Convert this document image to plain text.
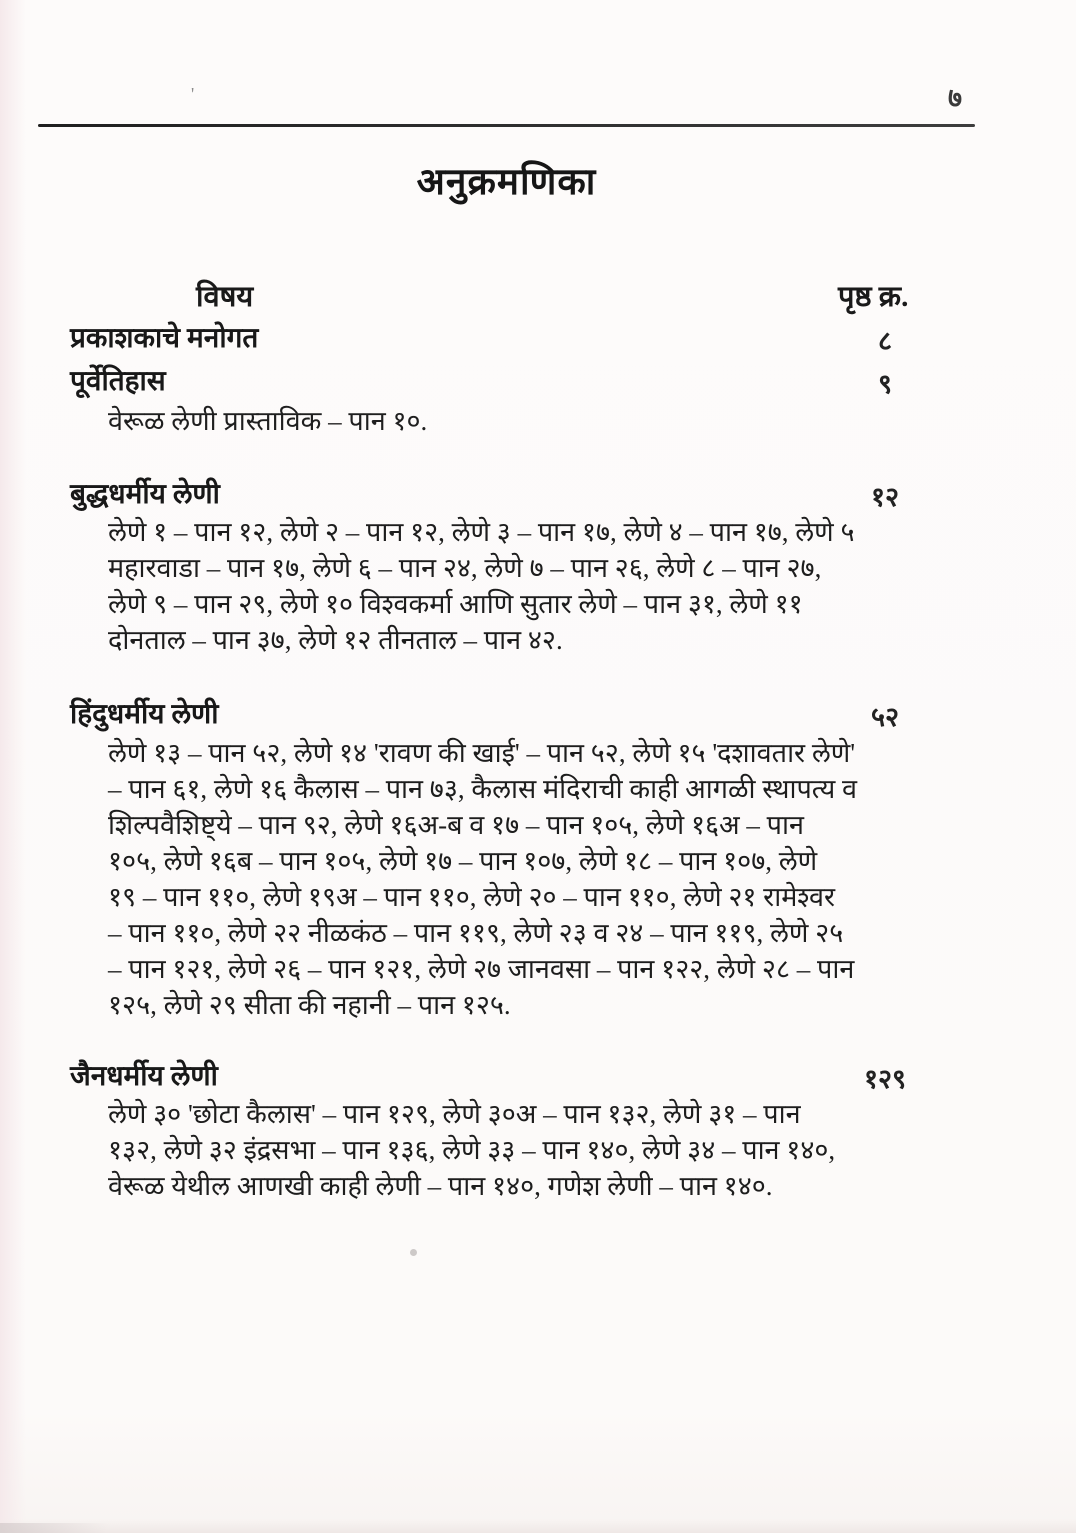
७
'
अनुक्रमणिका
विषय	पृष्ठ क्र.
प्रकाशकाचे मनोगत	८
पूर्वेतिहास	९
वेरूळ लेणी प्रास्ताविक – पान १०.
बुद्धधर्मीय लेणी	१२
लेणे १ – पान १२, लेणे २ – पान १२, लेणे ३ – पान १७, लेणे ४ – पान १७, लेणे ५
महारवाडा – पान १७, लेणे ६ – पान २४, लेणे ७ – पान २६, लेणे ८ – पान २७,
लेणे ९ – पान २९, लेणे १० विश्वकर्मा आणि सुतार लेणे – पान ३१, लेणे ११
दोनताल – पान ३७, लेणे १२ तीनताल – पान ४२.
हिंदुधर्मीय लेणी	५२
लेणे १३ – पान ५२, लेणे १४ 'रावण की खाई' – पान ५२, लेणे १५ 'दशावतार लेणे'
– पान ६१, लेणे १६ कैलास – पान ७३, कैलास मंदिराची काही आगळी स्थापत्य व
शिल्पवैशिष्ट्ये – पान ९२, लेणे १६अ-ब व १७ – पान १०५, लेणे १६अ – पान
१०५, लेणे १६ब – पान १०५, लेणे १७ – पान १०७, लेणे १८ – पान १०७, लेणे
१९ – पान ११०, लेणे १९अ – पान ११०, लेणे २० – पान ११०, लेणे २१ रामेश्वर
– पान ११०, लेणे २२ नीळकंठ – पान ११९, लेणे २३ व २४ – पान ११९, लेणे २५
– पान १२१, लेणे २६ – पान १२१, लेणे २७ जानवसा – पान १२२, लेणे २८ – पान
१२५, लेणे २९ सीता की नहानी – पान १२५.
जैनधर्मीय लेणी	१२९
लेणे ३० 'छोटा कैलास' – पान १२९, लेणे ३०अ – पान १३२, लेणे ३१ – पान
१३२, लेणे ३२ इंद्रसभा – पान १३६, लेणे ३३ – पान १४०, लेणे ३४ – पान १४०,
वेरूळ येथील आणखी काही लेणी – पान १४०, गणेश लेणी – पान १४०.
